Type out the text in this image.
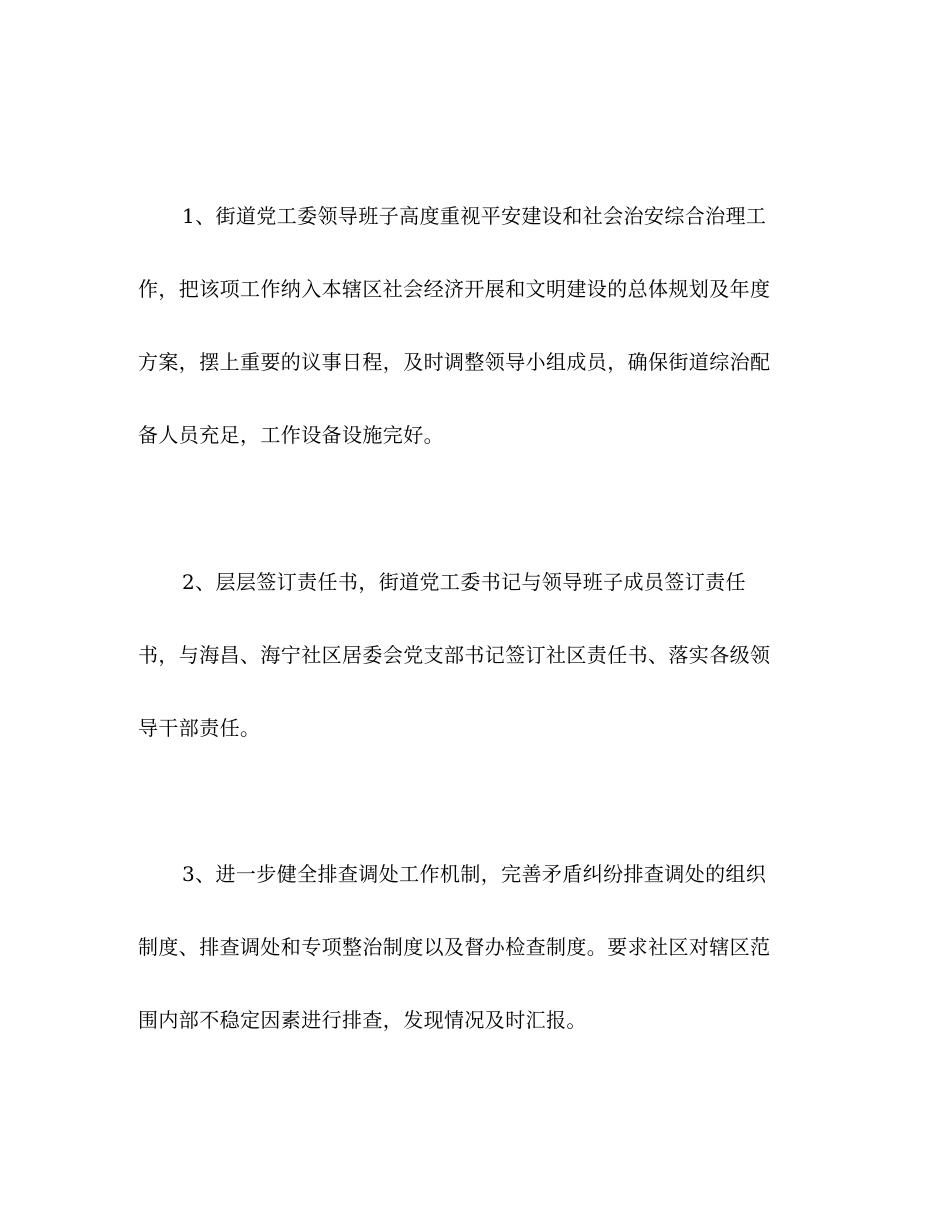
1、街道党工委领导班子高度重视平安建设和社会治安综合治理工
作，把该项工作纳入本辖区社会经济开展和文明建设的总体规划及年度
方案，摆上重要的议事日程，及时调整领导小组成员，确保街道综治配
备人员充足，工作设备设施完好。
2、层层签订责任书，街道党工委书记与领导班子成员签订责任
书，与海昌、海宁社区居委会党支部书记签订社区责任书、落实各级领
导干部责任。
3、进一步健全排查调处工作机制，完善矛盾纠纷排查调处的组织
制度、排查调处和专项整治制度以及督办检查制度。要求社区对辖区范
围内部不稳定因素进行排查，发现情况及时汇报。
